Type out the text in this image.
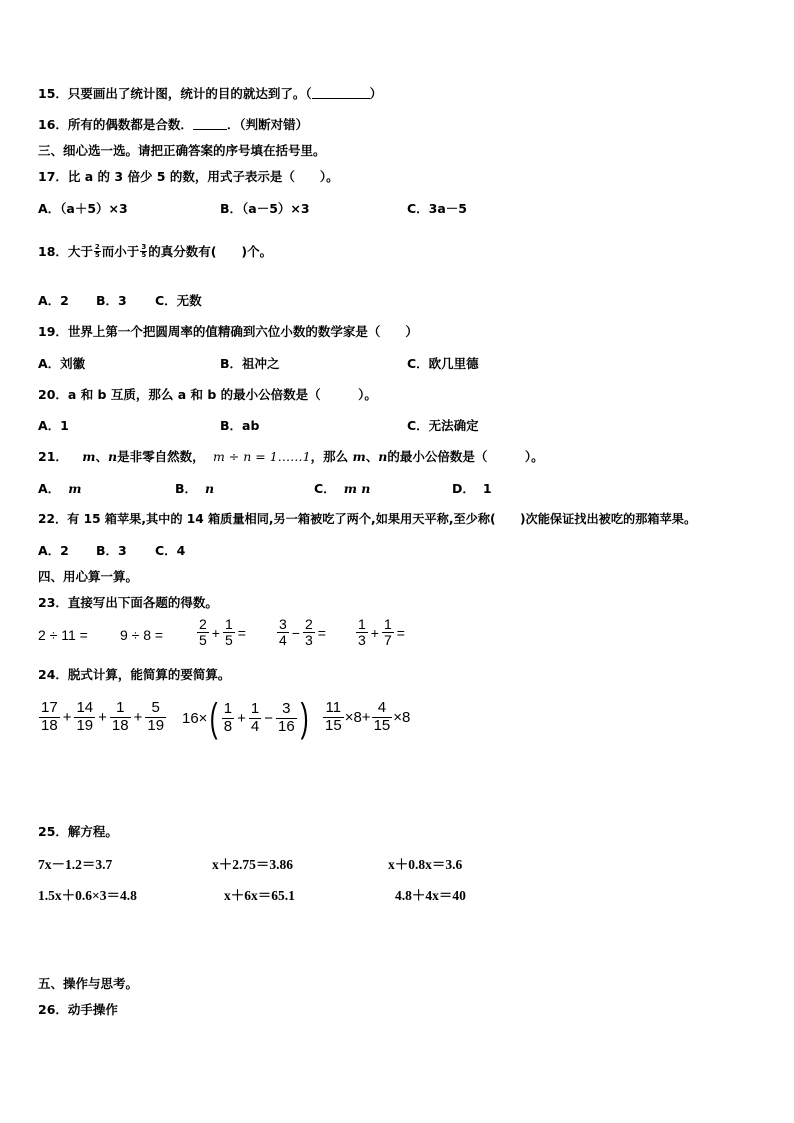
15．只要画出了统计图，统计的目的就达到了。（	）
16．所有的偶数都是合数．	．（判断对错）
三、细心选一选。请把正确答案的序号填在括号里。
17．比 a 的 3 倍少 5 的数，用式子表示是（　　）。
A．（a＋5）×3	B．（a－5）×3	C．3a－5
18． 大于 $\frac{2}{5}$ 而小于 $\frac{3}{5}$ 的真分数有(　　)个。
A．2 B．3 C．无数
19．世界上第一个把圆周率的值精确到六位小数的数学家是（　　）
A．刘徽	B．祖冲之	C．欧几里德
20．a 和 b 互质，那么 a 和 b 的最小公倍数是（　　　）。
A．1	B．ab	C．无法确定
21． m、n是非零自然数， m ÷ n = 1……1，那么 m、n的最小公倍数是（　　　）。
A． m	B． n	C． m n	D． 1
22．有 15 箱苹果,其中的 14 箱质量相同,另一箱被吃了两个,如果用天平称,至少称(　　)次能保证找出被吃的那箱苹果。
A．2 B．3 C．4
四、用心算一算。
23．直接写出下面各题的得数。
$2 \div 11 = 9 \div 8 = \frac{2}{5} + \frac{1}{5} = \frac{3}{4} - \frac{2}{3} = \frac{1}{3} + \frac{1}{7}$ =
24．脱式计算，能简算的要简算。
$\frac{17}{18} + \frac{14}{19} + \frac{1}{18} + \frac{5}{19} 16\times$ ( $\frac{1}{8} + \frac{1}{4} - \frac{3}{16}$ ) $\frac{11}{15} \times 8+ \frac{4}{15} \times 8$
25．解方程。
7x－1.2＝3.7	x＋2.75＝3.86	x＋0.8x＝3.6
1.5x＋0.6×3＝4.8	x＋6x＝65.1	4.8＋4x＝40
五、操作与思考。
26．动手操作
